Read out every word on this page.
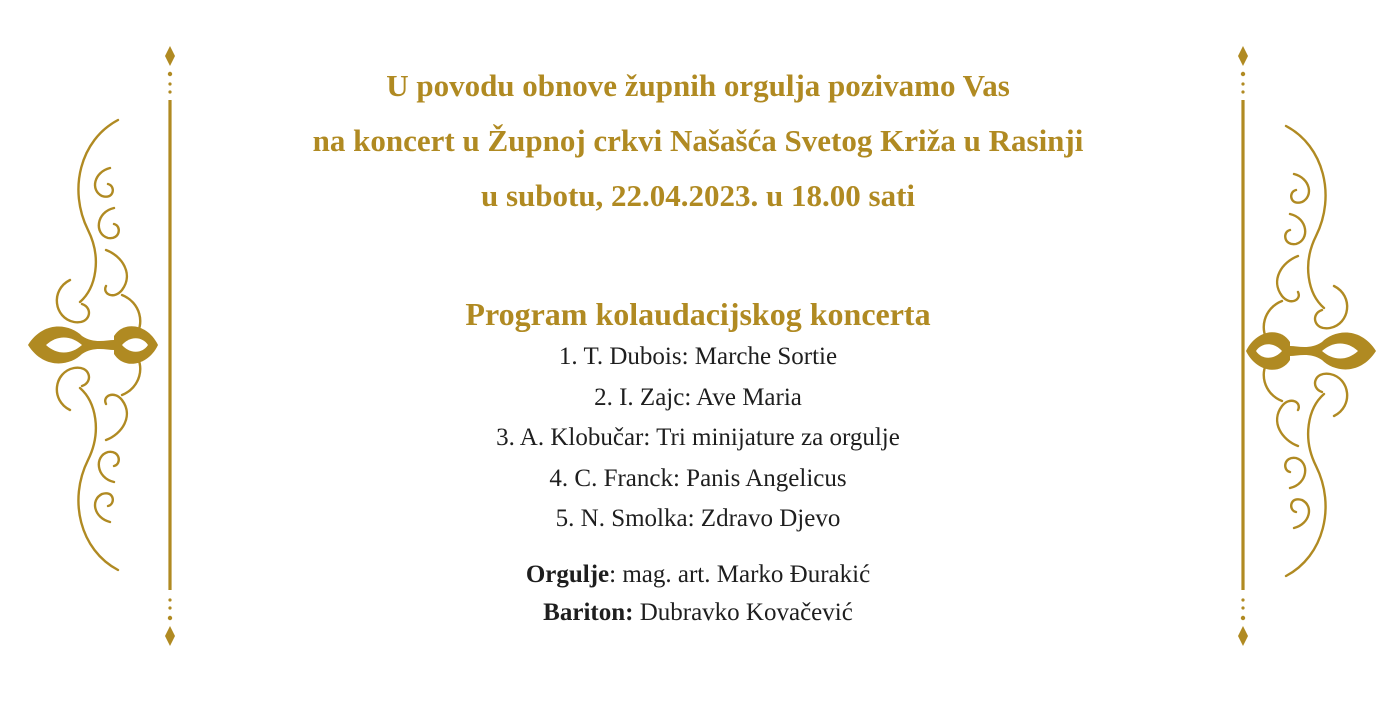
U povodu obnove župnih orgulja pozivamo Vas
na koncert u Župnoj crkvi Našašća Svetog Križa u Rasinji
u subotu, 22.04.2023. u 18.00 sati
Program kolaudacijskog koncerta
1. T. Dubois: Marche Sortie
2. I. Zajc: Ave Maria
3. A. Klobučar: Tri minijature za orgulje
4. C. Franck: Panis Angelicus
5. N. Smolka: Zdravo Djevo
Orgulje: mag. art. Marko Đurakić
Bariton: Dubravko Kovačević
